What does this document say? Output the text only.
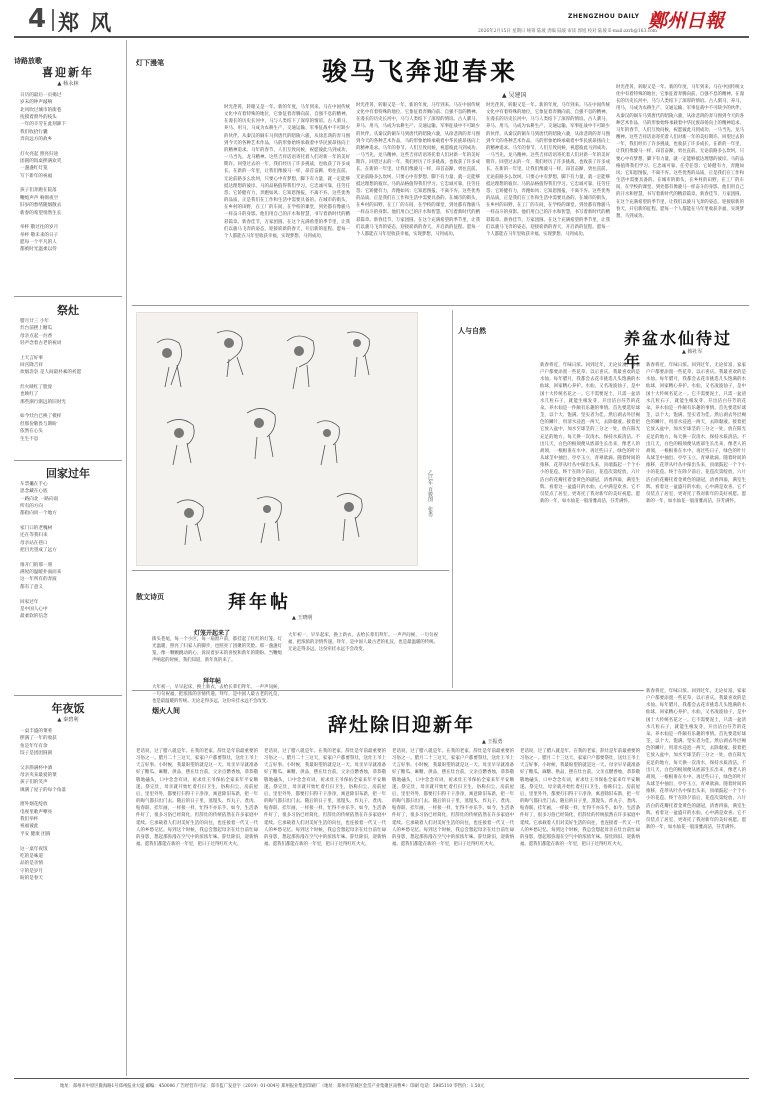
4 郑 风	ZHENGZHOU DAILY 鄭州日報
2026年2月15日 星期日 统筹 陆坡 责编 陆坡 审读 郭旭 校对 陆坡 E-mail:zzrb@163.com
诗路放歌
喜迎新年
▲ 杨永林
日历的最后一页揭过
岁末的钟声敲响
北风吹过城市的街巷
抚摸着窗外的枝头
一年的辛劳在此刻卸下
我们收拾行囊
奔向远方的故乡

灯火亮起 照亮归途
团圆的饭桌摆满欢笑
一盏盏红灯笼
写下新年的祝福

孩子们奔跑在院落
鞭炮声声 响彻夜空
旧岁的愁绪随烟散去
新春的希望悄然生长

举杯 敬过往的岁月
举杯 敬未来的日子
愿每一个平凡的人
都被时光温柔以待
祭灶
腊月廿三 小年
灶台前摆上糖瓜
母亲点起一炷香
轻声念着古老的祝词

上天言好事
回宫降吉祥
炊烟袅袅 是人间最朴素的祈愿

灶火映红了脸庞
也映红了
那些渐行渐远的旧时光

如今灶台已换了模样
但那份敬畏与期盼
依然在心头
生生不息
回家过年
车票攥在手心
思念藏在心底
一路向北 一路向南
所有的方向
都指向同一个地方

家门口的老槐树
还在等我归来
母亲站在巷口
把目光望成了远方

推开门的那一刻
满屋的温暖扑面而来
这一年所有的奔波
都有了意义

回家过年
是中国人心中
最柔软的信念
年夜饭
▲ 秦碧利
一桌丰盛的菜肴
摆满了一年的收获
鱼是年年有余
饺子是团团圆圆

父亲斟满杯中酒
母亲夹来最爱的菜
孩子们的笑声
填满了屋子的每个角落

窗外烟花绽放
电视里歌声嘹亮
我们举杯
祝福彼此
平安 健康 团圆

这一桌年夜饭
吃的是味道
品的是亲情
守的是岁月
盼的是春天
灯下漫笔	骏马飞奔迎春来
▲ 吴建国
时光荏苒，转眼又是一年。新的年度，马年到来。马在中国传统文化中有着特殊的地位，它象征着奔腾向前、自强不息的精神。在漫长的历史长河中，马与人类结下了深厚的情谊。古人驯马、养马、用马，马成为农耕生产、交通运输、军事征战中不可缺少的伙伴。从秦汉的铜车马到唐代的昭陵六骏，从徐悲鸿的奔马图到今天的各种艺术作品，马的形象始终承载着中华民族昂扬向上的精神追求。马年的春节，人们互致问候，祝愿彼此马到成功、一马当先、龙马精神。这些吉祥话语寄托着人们对新一年的美好期许。回望过去的一年，我们经历了许多挑战，也收获了许多成长。在新的一年里，让我们像骏马一样，昂首奋蹄，勇往直前。无论前路多么坎坷，只要心中有梦想，脚下有力量，就一定能够抵达理想的彼岸。马的品格值得我们学习。它忠诚可靠，任劳任怨；它矫健有力，奔跑如风；它知恩图报，不离不弃。这些优秀的品质，正是我们在工作和生活中需要具备的。在城市的街头，在乡村的田野，在工厂的车间，在学校的课堂，到处都有像骏马一样奋斗的身影。他们用自己的汗水和智慧，书写着新时代的精彩篇章。新春佳节，万家团圆。在这个充满希望的季节里，让我们以骏马飞奔的姿态，迎接崭新的春天，开启新的征程。愿每一个人都能在马年里收获幸福，实现梦想，马到成功。
时光荏苒，转眼又是一年。新的年度，马年到来。马在中国传统文化中有着特殊的地位，它象征着奔腾向前、自强不息的精神。在漫长的历史长河中，马与人类结下了深厚的情谊。古人驯马、养马、用马，马成为农耕生产、交通运输、军事征战中不可缺少的伙伴。从秦汉的铜车马到唐代的昭陵六骏，从徐悲鸿的奔马图到今天的各种艺术作品，马的形象始终承载着中华民族昂扬向上的精神追求。马年的春节，人们互致问候，祝愿彼此马到成功、一马当先、龙马精神。这些吉祥话语寄托着人们对新一年的美好期许。回望过去的一年，我们经历了许多挑战，也收获了许多成长。在新的一年里，让我们像骏马一样，昂首奋蹄，勇往直前。无论前路多么坎坷，只要心中有梦想，脚下有力量，就一定能够抵达理想的彼岸。马的品格值得我们学习。它忠诚可靠，任劳任怨；它矫健有力，奔跑如风；它知恩图报，不离不弃。这些优秀的品质，正是我们在工作和生活中需要具备的。在城市的街头，在乡村的田野，在工厂的车间，在学校的课堂，到处都有像骏马一样奋斗的身影。他们用自己的汗水和智慧，书写着新时代的精彩篇章。新春佳节，万家团圆。在这个充满希望的季节里，让我们以骏马飞奔的姿态，迎接崭新的春天，开启新的征程。愿每一个人都能在马年里收获幸福，实现梦想，马到成功。
时光荏苒，转眼又是一年。新的年度，马年到来。马在中国传统文化中有着特殊的地位，它象征着奔腾向前、自强不息的精神。在漫长的历史长河中，马与人类结下了深厚的情谊。古人驯马、养马、用马，马成为农耕生产、交通运输、军事征战中不可缺少的伙伴。从秦汉的铜车马到唐代的昭陵六骏，从徐悲鸿的奔马图到今天的各种艺术作品，马的形象始终承载着中华民族昂扬向上的精神追求。马年的春节，人们互致问候，祝愿彼此马到成功、一马当先、龙马精神。这些吉祥话语寄托着人们对新一年的美好期许。回望过去的一年，我们经历了许多挑战，也收获了许多成长。在新的一年里，让我们像骏马一样，昂首奋蹄，勇往直前。无论前路多么坎坷，只要心中有梦想，脚下有力量，就一定能够抵达理想的彼岸。马的品格值得我们学习。它忠诚可靠，任劳任怨；它矫健有力，奔跑如风；它知恩图报，不离不弃。这些优秀的品质，正是我们在工作和生活中需要具备的。在城市的街头，在乡村的田野，在工厂的车间，在学校的课堂，到处都有像骏马一样奋斗的身影。他们用自己的汗水和智慧，书写着新时代的精彩篇章。新春佳节，万家团圆。在这个充满希望的季节里，让我们以骏马飞奔的姿态，迎接崭新的春天，开启新的征程。愿每一个人都能在马年里收获幸福，实现梦想，马到成功。
时光荏苒，转眼又是一年。新的年度，马年到来。马在中国传统文化中有着特殊的地位，它象征着奔腾向前、自强不息的精神。在漫长的历史长河中，马与人类结下了深厚的情谊。古人驯马、养马、用马，马成为农耕生产、交通运输、军事征战中不可缺少的伙伴。从秦汉的铜车马到唐代的昭陵六骏，从徐悲鸿的奔马图到今天的各种艺术作品，马的形象始终承载着中华民族昂扬向上的精神追求。马年的春节，人们互致问候，祝愿彼此马到成功、一马当先、龙马精神。这些吉祥话语寄托着人们对新一年的美好期许。回望过去的一年，我们经历了许多挑战，也收获了许多成长。在新的一年里，让我们像骏马一样，昂首奋蹄，勇往直前。无论前路多么坎坷，只要心中有梦想，脚下有力量，就一定能够抵达理想的彼岸。马的品格值得我们学习。它忠诚可靠，任劳任怨；它矫健有力，奔跑如风；它知恩图报，不离不弃。这些优秀的品质，正是我们在工作和生活中需要具备的。在城市的街头，在乡村的田野，在工厂的车间，在学校的课堂，到处都有像骏马一样奋斗的身影。他们用自己的汗水和智慧，书写着新时代的精彩篇章。新春佳节，万家团圆。在这个充满希望的季节里，让我们以骏马飞奔的姿态，迎接崭新的春天，开启新的征程。愿每一个人都能在马年里收获幸福，实现梦想，马到成功。
乙巳年 百骏图　张勇
散文诗页	拜年帖
▲ 王晓明
灯笼开起来了
街头巷尾，每一个小区，每一扇窗户前，都挂起了红红的灯笼。灯光温暖，照亮了归家人的脚步，也照亮了团聚的笑脸。那一盏盏灯笼，像一颗颗跳动的心，诉说着岁末的喜悦和新年的期盼。当鞭炮声响起的时候，我们知道，新年真的来了。
拜年帖
大年初一，早早起床，换上新衣，去给长辈们拜年。一声声问候，一句句祝福，把浓浓的亲情传递。拜年，是中国人最古老的礼仪，也是最温暖的传统。无论走得多远，这份牵挂永远不会改变。
大年初一，早早起床，换上新衣，去给长辈们拜年。一声声问候，一句句祝福，把浓浓的亲情传递。拜年，是中国人最古老的礼仪，也是最温暖的传统。无论走得多远，这份牵挂永远不会改变。
人与自然	养盆水仙待过年	▲ 韩社军
新春将近，年味日浓。回到过年，无论贫富，家家户户都要添置一些花草，以示喜庆。我最喜欢的是水仙。每年腊月，我都会去花市挑选几头饱满的水仙球，回家精心养护。水仙，又名凌波仙子，是中国十大传统名花之一。它不需要泥土，只需一盆清水几粒石子，就能生根发芽，开出洁白芬芳的花朵。养水仙是一件颇有乐趣的事情。首先要选好球茎，以个大、饱满、坚实者为佳。然后剥去外层褐色的鳞片，用清水浸泡一两天，去除黏液。接着把它放入盆中，加水至球茎的三分之一处，放在阳光充足的地方。每天换一次清水，保持水质清洁。不出几天，白色的根须便从底部生长出来，像老人的胡须，一根根垂在水中。再过些日子，绿色的叶片从球茎中抽出，亭亭玉立，青翠欲滴。随着时间的推移，花葶从叶丛中探出头来，顶端鼓起一个个小小的花苞。终于在除夕前后，花苞次第绽放，六片洁白的花瓣托着金黄色的副冠，清香四溢，满室生辉。看着这一盆盛开的水仙，心中满是欢喜。它不仅装点了居室，更寄托了我对新年的美好祝愿。愿新的一年，如水仙花一般清雅高洁，芬芳满怀。
新春将近，年味日浓。回到过年，无论贫富，家家户户都要添置一些花草，以示喜庆。我最喜欢的是水仙。每年腊月，我都会去花市挑选几头饱满的水仙球，回家精心养护。水仙，又名凌波仙子，是中国十大传统名花之一。它不需要泥土，只需一盆清水几粒石子，就能生根发芽，开出洁白芬芳的花朵。养水仙是一件颇有乐趣的事情。首先要选好球茎，以个大、饱满、坚实者为佳。然后剥去外层褐色的鳞片，用清水浸泡一两天，去除黏液。接着把它放入盆中，加水至球茎的三分之一处，放在阳光充足的地方。每天换一次清水，保持水质清洁。不出几天，白色的根须便从底部生长出来，像老人的胡须，一根根垂在水中。再过些日子，绿色的叶片从球茎中抽出，亭亭玉立，青翠欲滴。随着时间的推移，花葶从叶丛中探出头来，顶端鼓起一个个小小的花苞。终于在除夕前后，花苞次第绽放，六片洁白的花瓣托着金黄色的副冠，清香四溢，满室生辉。看着这一盆盛开的水仙，心中满是欢喜。它不仅装点了居室，更寄托了我对新年的美好祝愿。愿新的一年，如水仙花一般清雅高洁，芬芳满怀。
新春将近，年味日浓。回到过年，无论贫富，家家户户都要添置一些花草，以示喜庆。我最喜欢的是水仙。每年腊月，我都会去花市挑选几头饱满的水仙球，回家精心养护。水仙，又名凌波仙子，是中国十大传统名花之一。它不需要泥土，只需一盆清水几粒石子，就能生根发芽，开出洁白芬芳的花朵。养水仙是一件颇有乐趣的事情。首先要选好球茎，以个大、饱满、坚实者为佳。然后剥去外层褐色的鳞片，用清水浸泡一两天，去除黏液。接着把它放入盆中，加水至球茎的三分之一处，放在阳光充足的地方。每天换一次清水，保持水质清洁。不出几天，白色的根须便从底部生长出来，像老人的胡须，一根根垂在水中。再过些日子，绿色的叶片从球茎中抽出，亭亭玉立，青翠欲滴。随着时间的推移，花葶从叶丛中探出头来，顶端鼓起一个个小小的花苞。终于在除夕前后，花苞次第绽放，六片洁白的花瓣托着金黄色的副冠，清香四溢，满室生辉。看着这一盆盛开的水仙，心中满是欢喜。它不仅装点了居室，更寄托了我对新年的美好祝愿。愿新的一年，如水仙花一般清雅高洁，芬芳满怀。
烟火人间
辞灶除旧迎新年
▲ 王振勇
老话说，过了腊八就是年。在我的老家，辞灶是年前最重要的习俗之一。腊月二十三这天，家家户户都要祭灶，送灶王爷上天言好事。小时候，我最盼望的就是这一天。母亲早早就准备好了糖瓜、麻糖、供品，摆在灶台前。父亲点燃香烛，恭恭敬敬地磕头，口中念念有词，祈求灶王爷保佑全家来年平安顺遂。祭完灶，母亲就开始忙着打扫卫生，俗称扫尘。房前屋后，里里外外，都要打扫得干干净净，寓意除旧布新，把一年的晦气都扫出门去。随后的日子里，蒸馒头、炸丸子、煮肉、贴春联、挂年画，一样接一样，忙得不亦乐乎。如今，生活条件好了，很多习俗已经简化，但辞灶的传统依然在许多家庭中延续。它承载着人们对美好生活的向往，也连接着一代又一代人的乡愁记忆。每到这个时候，我总会想起母亲在灶台前忙碌的身影，想起那弥漫在空气中的浓浓年味。辞灶除旧，迎新纳福。愿我们都能在新的一年里，把日子过得红红火火。
老话说，过了腊八就是年。在我的老家，辞灶是年前最重要的习俗之一。腊月二十三这天，家家户户都要祭灶，送灶王爷上天言好事。小时候，我最盼望的就是这一天。母亲早早就准备好了糖瓜、麻糖、供品，摆在灶台前。父亲点燃香烛，恭恭敬敬地磕头，口中念念有词，祈求灶王爷保佑全家来年平安顺遂。祭完灶，母亲就开始忙着打扫卫生，俗称扫尘。房前屋后，里里外外，都要打扫得干干净净，寓意除旧布新，把一年的晦气都扫出门去。随后的日子里，蒸馒头、炸丸子、煮肉、贴春联、挂年画，一样接一样，忙得不亦乐乎。如今，生活条件好了，很多习俗已经简化，但辞灶的传统依然在许多家庭中延续。它承载着人们对美好生活的向往，也连接着一代又一代人的乡愁记忆。每到这个时候，我总会想起母亲在灶台前忙碌的身影，想起那弥漫在空气中的浓浓年味。辞灶除旧，迎新纳福。愿我们都能在新的一年里，把日子过得红红火火。
老话说，过了腊八就是年。在我的老家，辞灶是年前最重要的习俗之一。腊月二十三这天，家家户户都要祭灶，送灶王爷上天言好事。小时候，我最盼望的就是这一天。母亲早早就准备好了糖瓜、麻糖、供品，摆在灶台前。父亲点燃香烛，恭恭敬敬地磕头，口中念念有词，祈求灶王爷保佑全家来年平安顺遂。祭完灶，母亲就开始忙着打扫卫生，俗称扫尘。房前屋后，里里外外，都要打扫得干干净净，寓意除旧布新，把一年的晦气都扫出门去。随后的日子里，蒸馒头、炸丸子、煮肉、贴春联、挂年画，一样接一样，忙得不亦乐乎。如今，生活条件好了，很多习俗已经简化，但辞灶的传统依然在许多家庭中延续。它承载着人们对美好生活的向往，也连接着一代又一代人的乡愁记忆。每到这个时候，我总会想起母亲在灶台前忙碌的身影，想起那弥漫在空气中的浓浓年味。辞灶除旧，迎新纳福。愿我们都能在新的一年里，把日子过得红红火火。
老话说，过了腊八就是年。在我的老家，辞灶是年前最重要的习俗之一。腊月二十三这天，家家户户都要祭灶，送灶王爷上天言好事。小时候，我最盼望的就是这一天。母亲早早就准备好了糖瓜、麻糖、供品，摆在灶台前。父亲点燃香烛，恭恭敬敬地磕头，口中念念有词，祈求灶王爷保佑全家来年平安顺遂。祭完灶，母亲就开始忙着打扫卫生，俗称扫尘。房前屋后，里里外外，都要打扫得干干净净，寓意除旧布新，把一年的晦气都扫出门去。随后的日子里，蒸馒头、炸丸子、煮肉、贴春联、挂年画，一样接一样，忙得不亦乐乎。如今，生活条件好了，很多习俗已经简化，但辞灶的传统依然在许多家庭中延续。它承载着人们对美好生活的向往，也连接着一代又一代人的乡愁记忆。每到这个时候，我总会想起母亲在灶台前忙碌的身影，想起那弥漫在空气中的浓浓年味。辞灶除旧，迎新纳福。愿我们都能在新的一年里，把日子过得红红火火。
地址：郑州市中原区陇海路1号郑州报业大厦 邮编：450006 广告经营许可证：郑市监广发登字（2019）01-004号 郑州报业集团印刷厂（地址：郑州市管城区金岱产业集聚区南曹乡）印刷 电话：5985110 零售价：1.50元
